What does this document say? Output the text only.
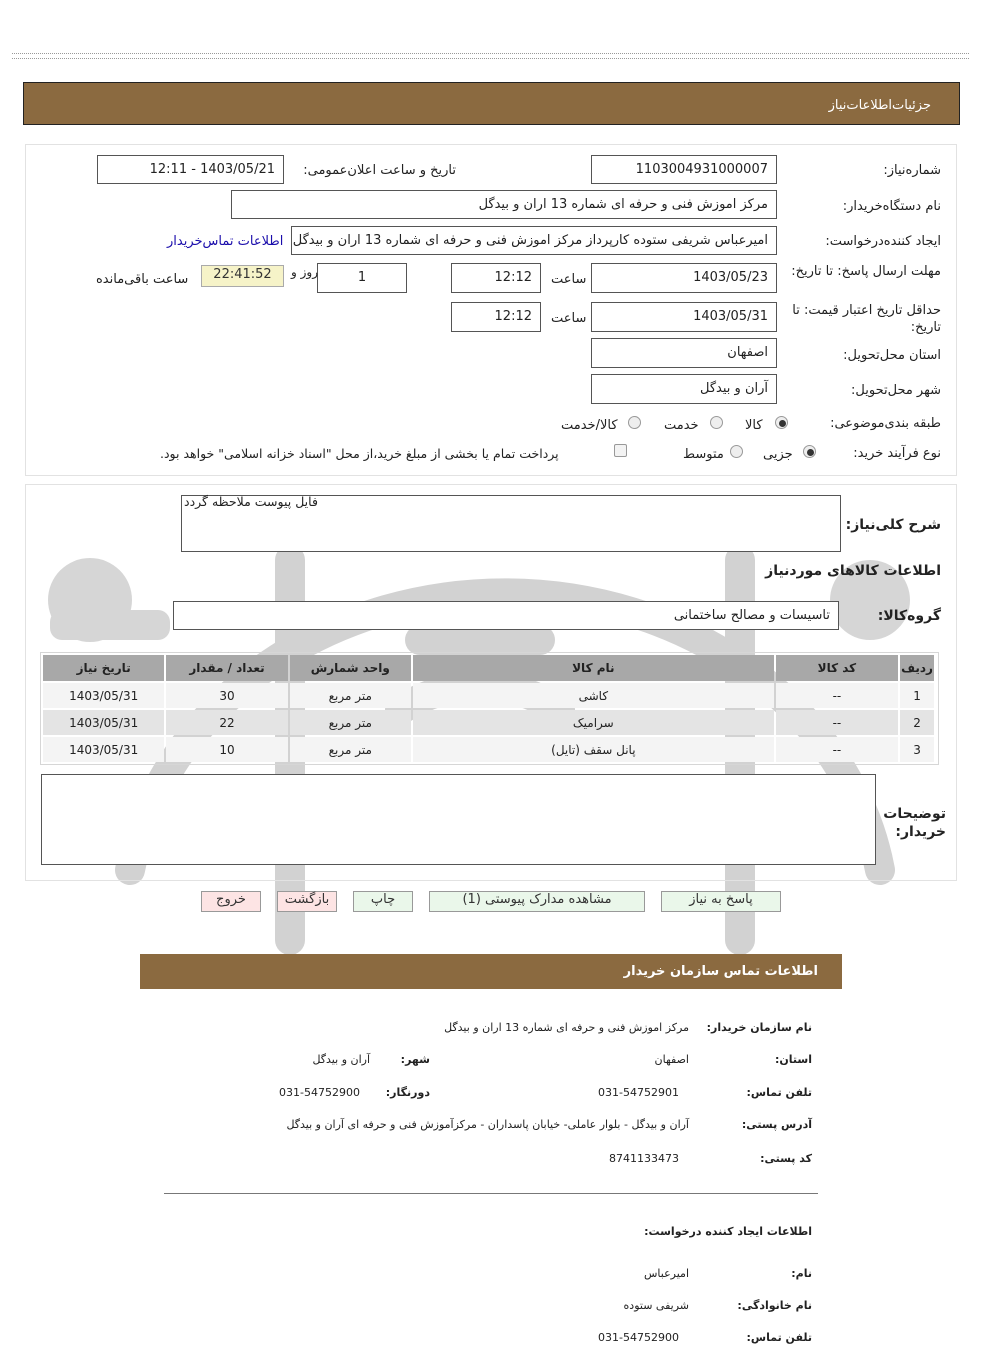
جزئیات‌اطلاعات‌نیاز
شماره‌نیاز:
1103004931000007
تاریخ و ساعت اعلان‌عمومی:
1403/05/21 - 12:11
نام دستگاه‌خریدار:
مرکز اموزش فنی و حرفه ای شماره 13 اران و بیدگل
ایجاد کننده‌درخواست:
امیرعباس شریفی ستوده کارپرداز مرکز اموزش فنی و حرفه ای شماره 13 اران و بیدگل
اطلاعات تماس‌خریدار
مهلت ارسال پاسخ: تا تاریخ:
1403/05/23
ساعت
12:12
1
روز و
22:41:52
ساعت باقی‌مانده
حداقل تاریخ اعتبار قیمت: تا تاریخ:
1403/05/31
ساعت
12:12
استان محل‌تحویل:
اصفهان
شهر محل‌تحویل:
آران و بیدگل
طبقه بندی‌موضوعی:
کالا
خدمت
کالا/خدمت
نوع فرآیند خرید:
جزیی
متوسط
پرداخت تمام یا بخشی از مبلغ خرید،از محل "اسناد خزانه اسلامی" خواهد بود.
شرح کلی‌نیاز:
فایل پیوست ملاحظه گردد
اطلاعات کالاهای مورد‌نیاز
گروه‌کالا:
تاسیسات و مصالح ساختمانی
ردیف	کد کالا	نام کالا	واحد شمارش	تعداد / مقدار	تاریخ نیاز
1	--	کاشی	متر مربع	30	1403/05/31
2	--	سرامیک	متر مربع	22	1403/05/31
3	--	پانل سقف (تایل)	متر مربع	10	1403/05/31
توضیحات خریدار:
پاسخ به نیاز
مشاهده مدارک پیوستی (1)
چاپ
بازگشت
خروج
اطلاعات تماس سازمان خریدار
نام سازمان خریدار:
مرکز اموزش فنی و حرفه ای شماره 13 اران و بیدگل
استان:
اصفهان
شهر:
آران و بیدگل
تلفن تماس:
031-54752901
دورنگار:
031-54752900
آدرس پستی:
آران و بیدگل - بلوار عاملی- خیابان پاسداران - مرکزآموزش فنی و حرفه ای آران و بیدگل
کد پستی:
8741133473
اطلاعات ایجاد کننده درخواست:
نام:
امیرعباس
نام خانوادگی:
شریفی ستوده
تلفن تماس:
031-54752900
